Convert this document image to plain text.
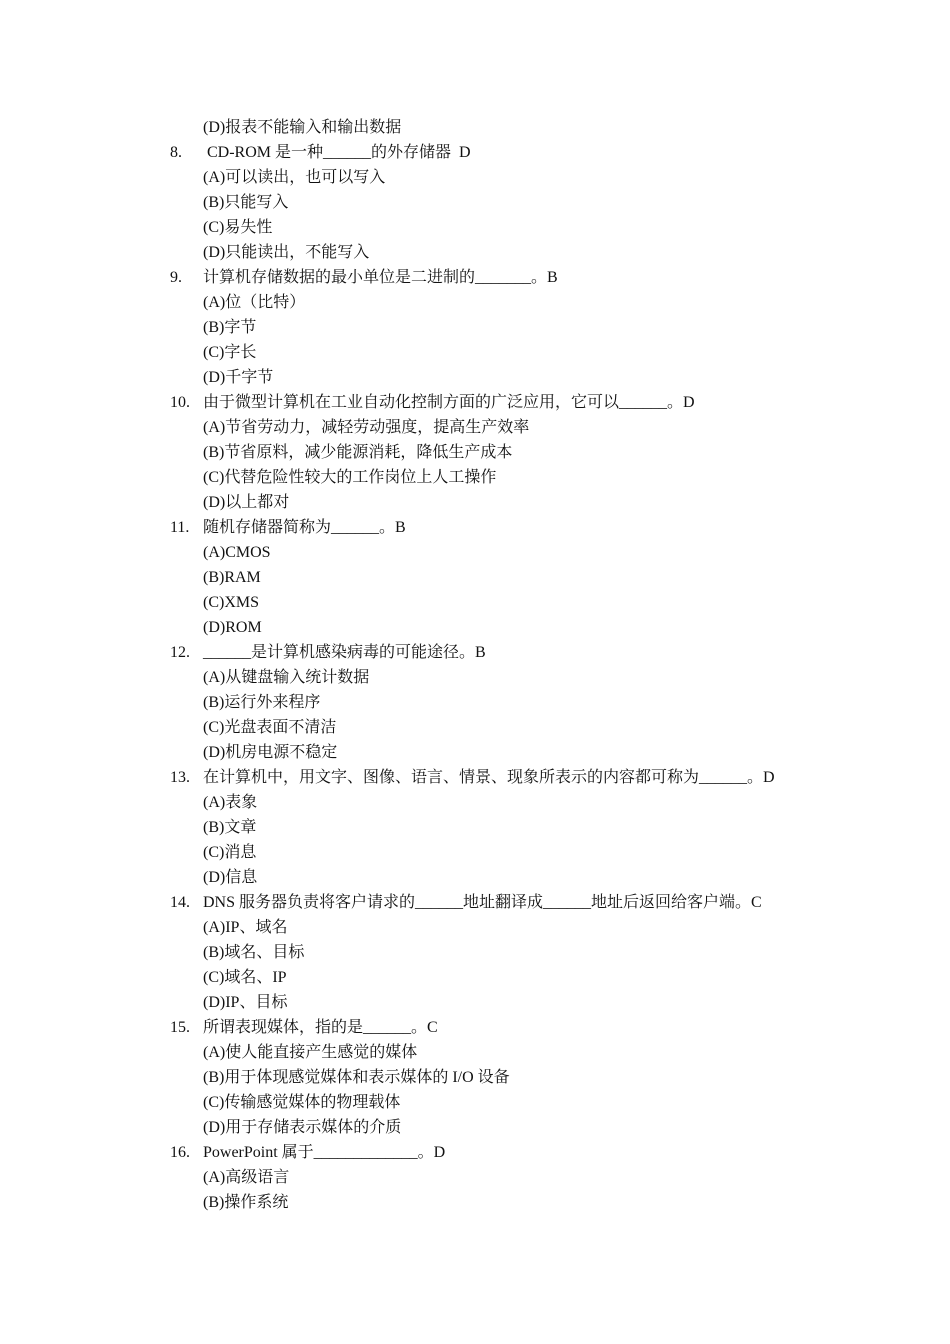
(D)报表不能输入和输出数据
8. CD-ROM 是一种______的外存储器  D
(A)可以读出，也可以写入
(B)只能写入
(C)易失性
(D)只能读出，不能写入
9. 计算机存储数据的最小单位是二进制的_______。B
(A)位（比特）
(B)字节
(C)字长
(D)千字节
10. 由于微型计算机在工业自动化控制方面的广泛应用，它可以______。D
(A)节省劳动力，减轻劳动强度，提高生产效率
(B)节省原料，减少能源消耗，降低生产成本
(C)代替危险性较大的工作岗位上人工操作
(D)以上都对
11. 随机存储器简称为______。B
(A)CMOS
(B)RAM
(C)XMS
(D)ROM
12. ______是计算机感染病毒的可能途径。B
(A)从键盘输入统计数据
(B)运行外来程序
(C)光盘表面不清洁
(D)机房电源不稳定
13. 在计算机中，用文字、图像、语言、情景、现象所表示的内容都可称为______。D
(A)表象
(B)文章
(C)消息
(D)信息
14. DNS 服务器负责将客户请求的______地址翻译成______地址后返回给客户端。C
(A)IP、域名
(B)域名、目标
(C)域名、IP
(D)IP、目标
15. 所谓表现媒体，指的是______。C
(A)使人能直接产生感觉的媒体
(B)用于体现感觉媒体和表示媒体的 I/O 设备
(C)传输感觉媒体的物理载体
(D)用于存储表示媒体的介质
16. PowerPoint 属于_____________。D
(A)高级语言
(B)操作系统
